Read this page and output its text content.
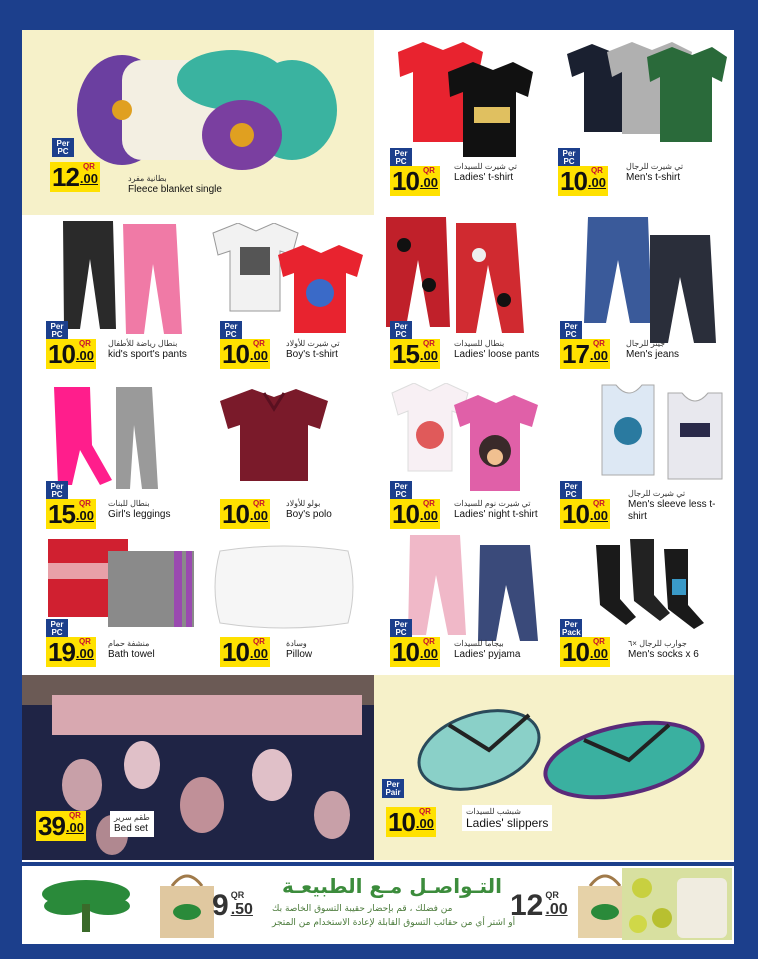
Per PC
12 QR
.00	بطانية مفرد
Fleece blanket single
Per PC
10 QR
.00
تي شيرت للسيدات
Ladies' t-shirt
Per PC
10 QR
.00
تي شيرت للرجال
Men's t-shirt
Per PC
10 QR
.00
بنطال رياضة للأطفال
kid's sport's pants
Per PC
10 QR
.00
تي شيرت للأولاد
Boy's t-shirt
Per PC
15 QR
.00
بنطال للسيدات
Ladies' loose pants
Per PC
17 QR
.00
جينز للرجال
Men's jeans
Per PC
15 QR
.00
بنطال للبنات
Girl's leggings 10 QR
.00
بولو للأولاد
Boy's polo
Per PC
10 QR
.00
تي شيرت نوم للسيدات
Ladies' night t-shirt
Per PC
10 QR
.00
تي شيرت للرجال
Men's sleeve less t-shirt
Per PC
19 QR
.00
منشفة حمام
Bath towel	10 QR
.00
وسادة
Pillow
Per PC
10 QR
.00
بيجاما للسيدات
Ladies' pyjama
Per Pack
10 QR
.00
جوارب للرجال ×٦
Men's socks x 6
39 QR
.00
طقم سرير
Bed set
Per Pair
10 QR
.00
شبشب للسيدات
Ladies' slippers
9 QR
.50
التـواصـل مـع الطبيعـة
من فضلك ، قم بإحضار حقيبة التسوق الخاصة بك
أو اشتر أي من حقائب التسوق القابلة لإعادة الاستخدام من المتجر
12 QR
.00
